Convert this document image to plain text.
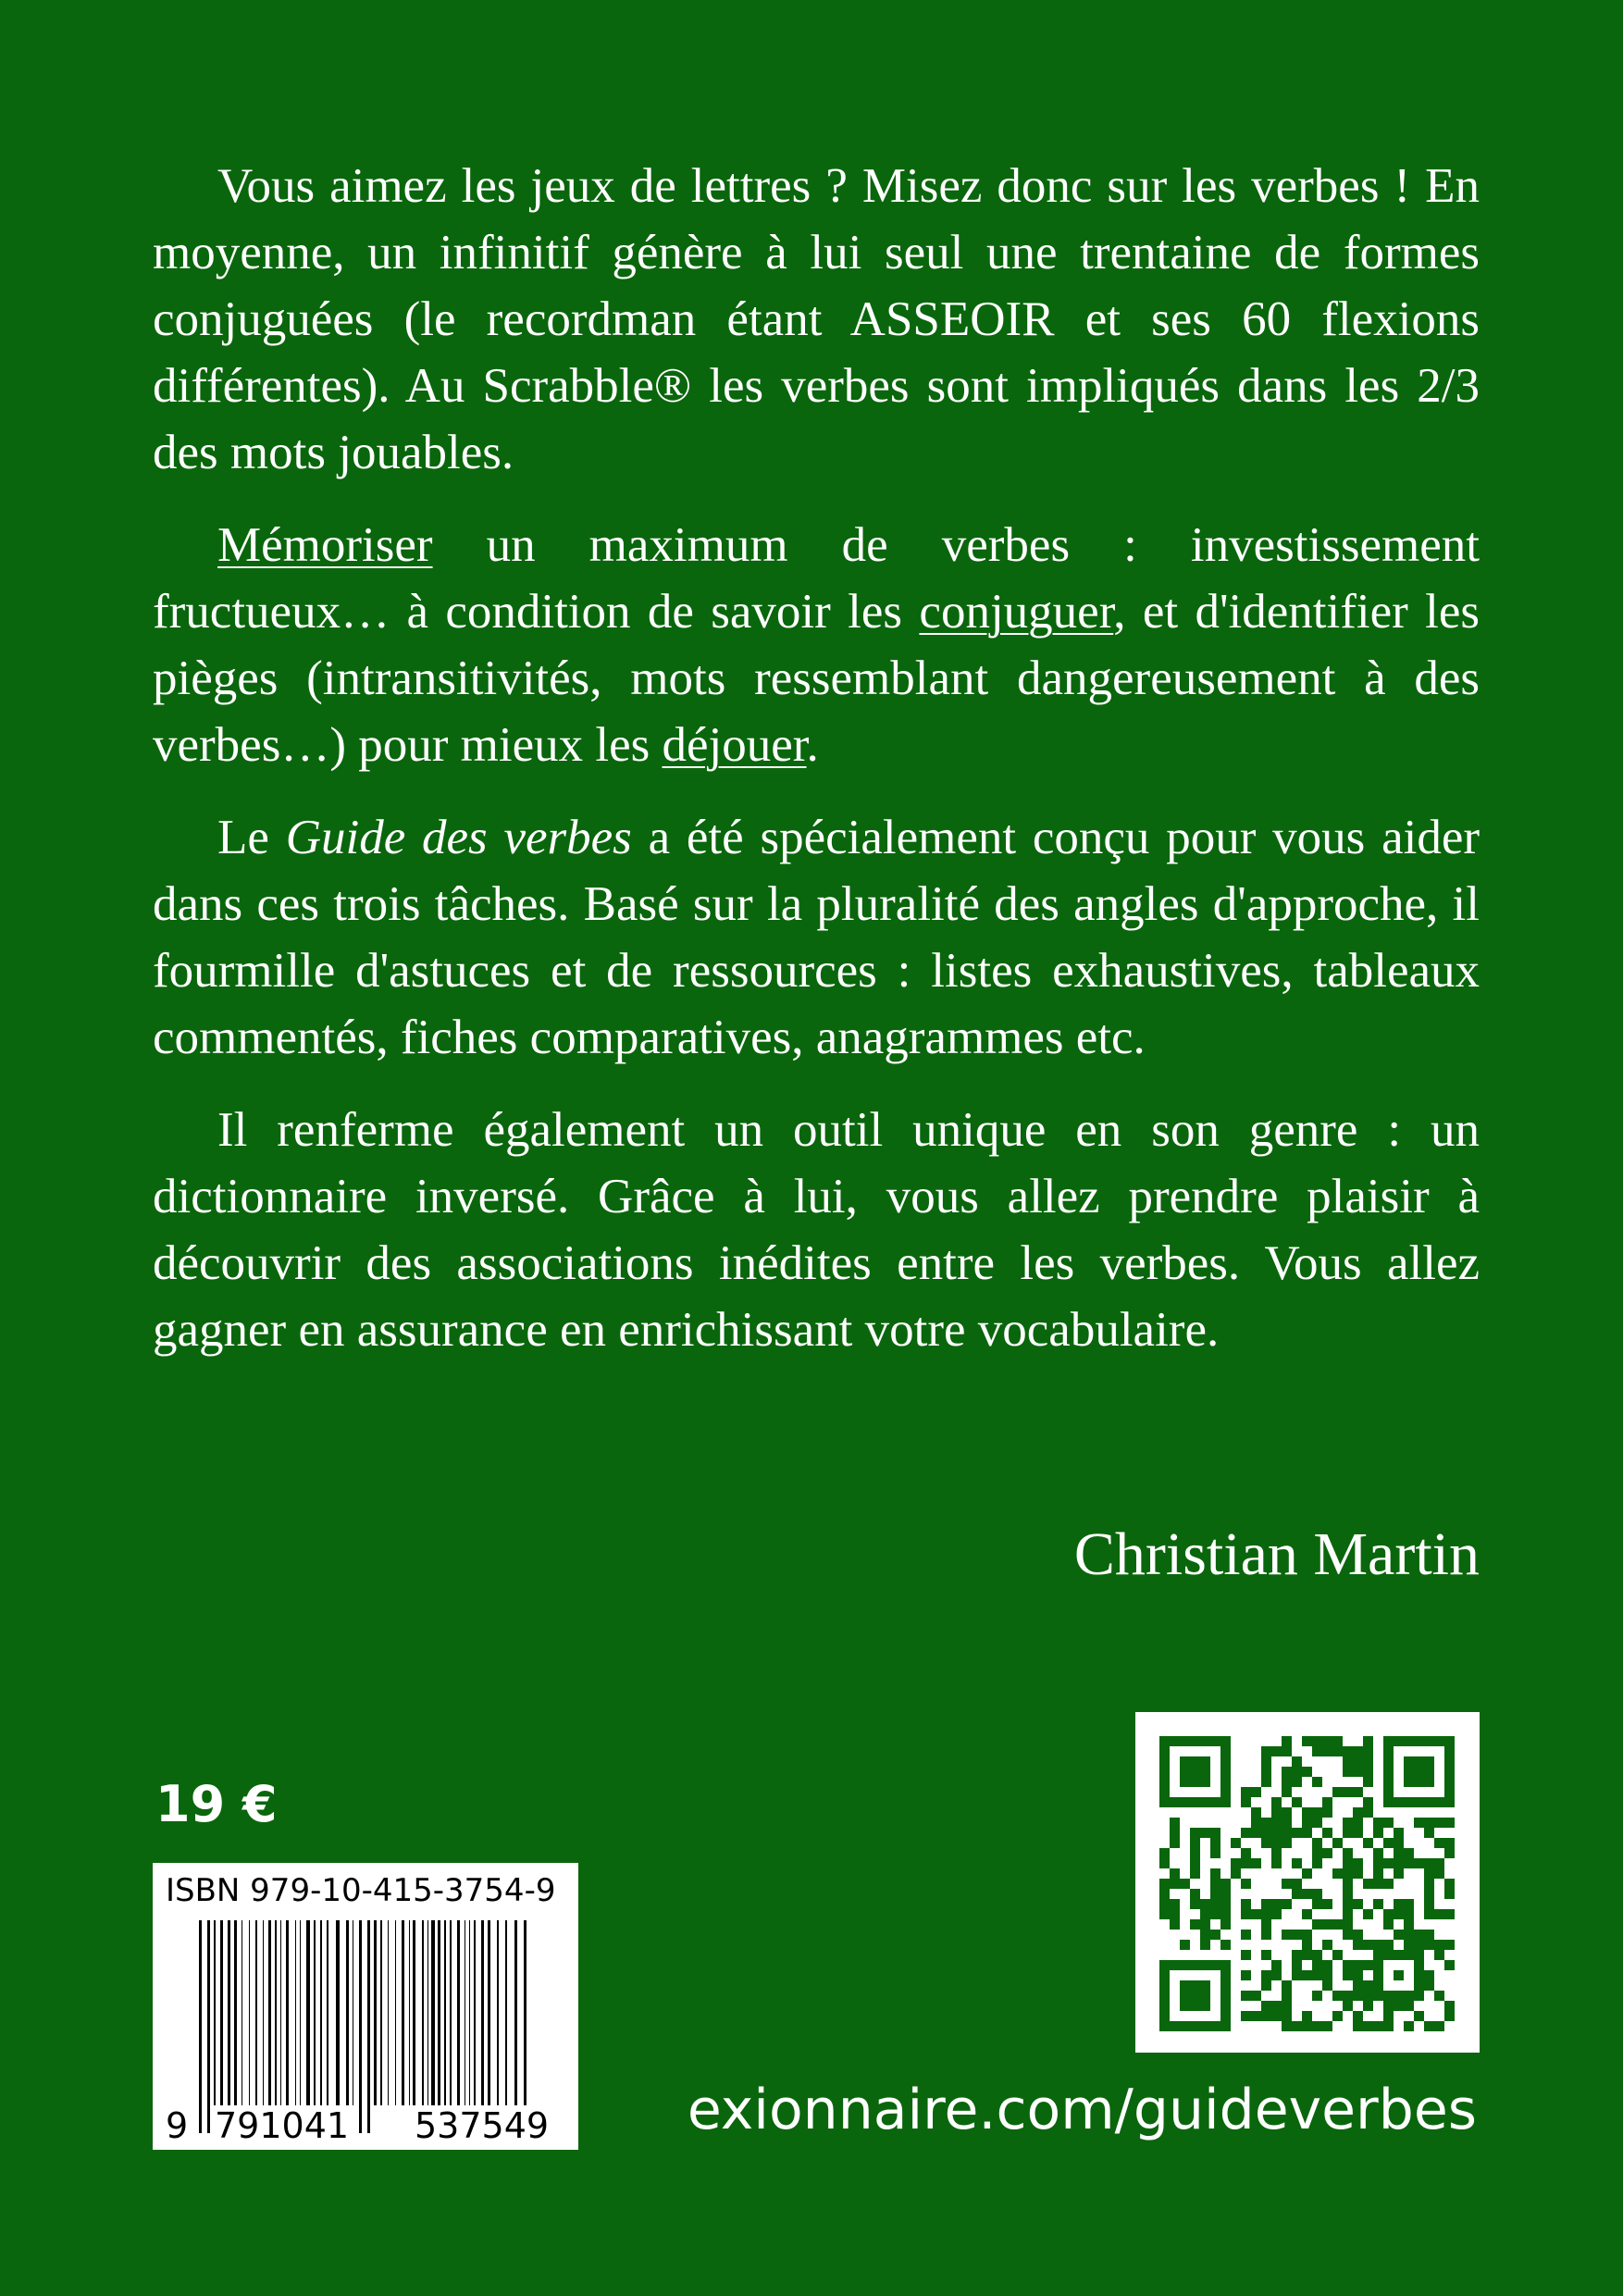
Vous aimez les jeux de lettres ? Misez donc sur les verbes ! En moyenne, un infinitif génère à lui seul une trentaine de formes conjuguées (le recordman étant ASSEOIR et ses 60 flexions différentes). Au Scrabble® les verbes sont impliqués dans les 2/3 des mots jouables.

Mémoriser un maximum de verbes : investissement fructueux… à condition de savoir les conjuguer, et d'identifier les pièges (intransitivités, mots ressemblant dangereusement à des verbes…) pour mieux les déjouer.

Le Guide des verbes a été spécialement conçu pour vous aider dans ces trois tâches. Basé sur la pluralité des angles d'approche, il fourmille d'astuces et de ressources : listes exhaustives, tableaux commentés, fiches comparatives, anagrammes etc.

Il renferme également un outil unique en son genre : un dictionnaire inversé. Grâce à lui, vous allez prendre plaisir à découvrir des associations inédites entre les verbes. Vous allez gagner en assurance en enrichissant votre vocabulaire.

Christian Martin
19 €
ISBN 979-10-415-3754-9
9 791041 537549 exionnaire.com/guideverbes
